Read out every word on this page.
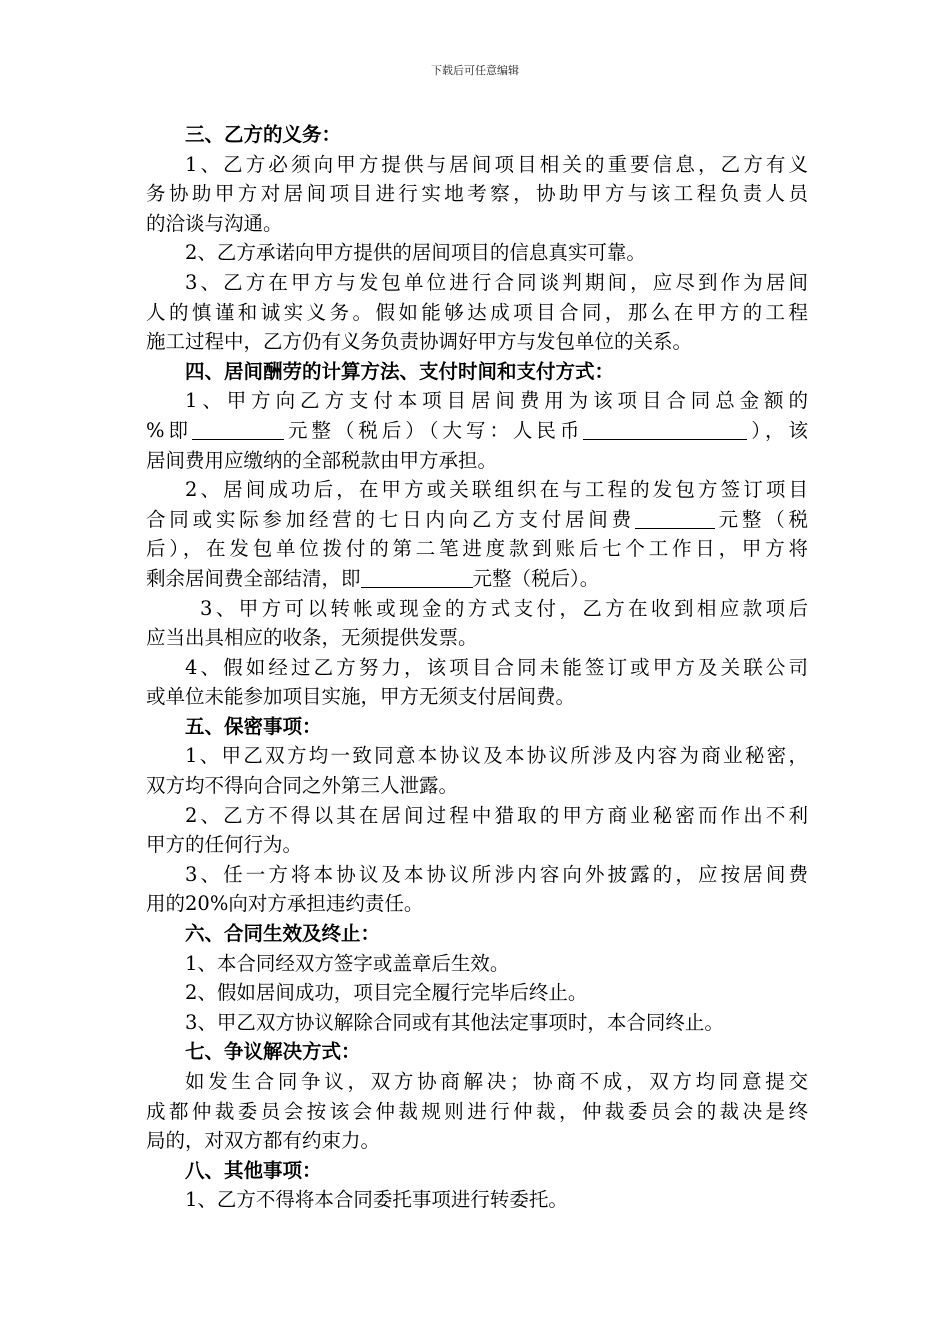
下载后可任意编辑
三、乙方的义务：
1、乙方必须向甲方提供与居间项目相关的重要信息，乙方有义
务协助甲方对居间项目进行实地考察，协助甲方与该工程负责人员
的洽谈与沟通。
2、乙方承诺向甲方提供的居间项目的信息真实可靠。
3、乙方在甲方与发包单位进行合同谈判期间，应尽到作为居间
人的慎谨和诚实义务。假如能够达成项目合同，那么在甲方的工程
施工过程中，乙方仍有义务负责协调好甲方与发包单位的关系。
四、居间酬劳的计算方法、支付时间和支付方式：
1、甲方向乙方支付本项目居间费用为该项目合同总金额的
%即	元整（税后）（大写：人民币	），该
居间费用应缴纳的全部税款由甲方承担。
2、居间成功后，在甲方或关联组织在与工程的发包方签订项目
合同或实际参加经营的七日内向乙方支付居间费	元整（税
后），在发包单位拨付的第二笔进度款到账后七个工作日，甲方将
剩余居间费全部结清，即	元整（税后）。
3、甲方可以转帐或现金的方式支付，乙方在收到相应款项后
应当出具相应的收条，无须提供发票。
4、假如经过乙方努力，该项目合同未能签订或甲方及关联公司
或单位未能参加项目实施，甲方无须支付居间费。
五、保密事项：
1、甲乙双方均一致同意本协议及本协议所涉及内容为商业秘密，
双方均不得向合同之外第三人泄露。
2、乙方不得以其在居间过程中猎取的甲方商业秘密而作出不利
甲方的任何行为。
3、任一方将本协议及本协议所涉内容向外披露的，应按居间费
用的20%向对方承担违约责任。
六、合同生效及终止：
1、本合同经双方签字或盖章后生效。
2、假如居间成功，项目完全履行完毕后终止。
3、甲乙双方协议解除合同或有其他法定事项时，本合同终止。
七、争议解决方式：
如发生合同争议，双方协商解决；协商不成，双方均同意提交
成都仲裁委员会按该会仲裁规则进行仲裁，仲裁委员会的裁决是终
局的，对双方都有约束力。
八、其他事项：
1、乙方不得将本合同委托事项进行转委托。
